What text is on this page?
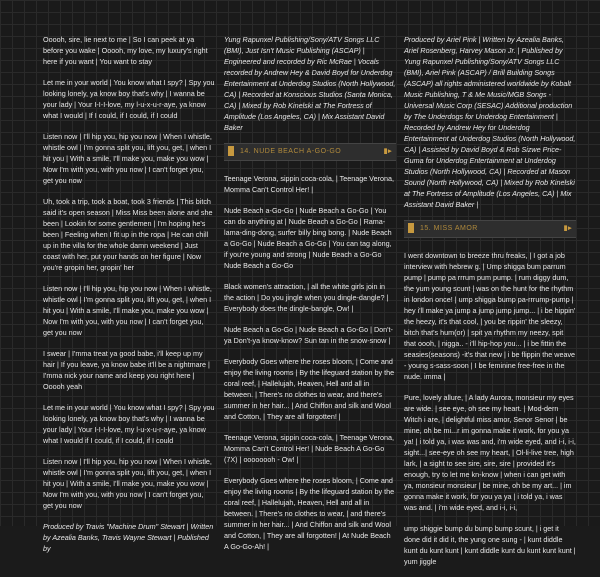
Ooooh, sire, lie next to me | So I can peek at ya before you wake | Ooooh, my love, my luxury's right here if you want | You want to stay

Let me in your world | You know what I spy? | Spy you looking lonely, ya know boy that's why | I wanna be your lady | Your I-I-I-love, my l-u-x-u-r-aye, ya know what I would | If I could, if I could, if I could

Listen now | I'll hip you, hip you now | When I whistle, whistle owl | I'm gonna split you, lift you, get, | when I hit you | With a smile, I'll make you, make you wow | Now I'm with you, with you now | I can't forget you, get you now

Uh, took a trip, took a boat, took 3 friends | This bitch said it's open season | Miss Miss been alone and she been | Lookin for some gentlemen | I'm hoping he's been | Feeling when I fit up in the ropa | He can chill up in the villa for the whole damn weekend | Just coast with her, put your hands on her figure | Now you're gropin her, gropin' her

Listen now | I'll hip you, hip you now | When I whistle, whistle owl | I'm gonna split you, lift you, get, | when I hit you | With a smile, I'll make you, make you wow | Now I'm with you, with you now | I can't forget you, get you now

I swear | I'mma treat ya good babe, i'll keep up my hair | If you leave, ya know babe it'll be a nightmare | I'mma nick your name and keep you right here | Ooooh yeah

Let me in your world | You know what I spy? | Spy you looking lonely, ya know boy that's why | I wanna be your lady | Your I-I-I-love, my l-u-x-u-r-aye, ya know what I would if I could, if I could, if I could

Listen now | I'll hip you, hip you now | When I whistle, whistle owl | I'm gonna split you, lift you, get, | when I hit you | With a smile, I'll make you, make you wow | Now I'm with you, with you now | I can't forget you, get you now

Produced by Travis "Machine Drum" Stewart | Written by Azealia Banks, Travis Wayne Stewart | Published by

Yung Rapunxel Publishing/Sony/ATV Songs LLC (BMI), Just Isn't Music Publishing (ASCAP) | Engineered and recorded by Ric McRae | Vocals recorded by Andrew Hey & David Boyd for Underdog Entertainment at Underdog Studios (North Hollywood, CA) | Recorded at Konscious Studios (Santa Monica, CA) | Mixed by Rob Kinelski at The Fortress of Amplitude (Los Angeles, CA) | Mix Assistant David Baker

14. NUDE BEACH A-GO-GO	▮▸

Teenage Verona, sippin coca-cola, | Teenage Verona, Momma Can't Control Her! |

Nude Beach a-Go-Go | Nude Beach a Go-Go | You can do anything at | Nude Beach a Go-Go | Rama-lama-ding-dong, surfer billy bing bong. | Nude Beach a Go-Go | Nude Beach a Go-Go | You can tag along, if you're young and strong | Nude Beach a Go-Go Nude Beach a Go-Go

Black women's attraction, | all the white girls join in the action | Do you jingle when you dingle-dangle? | Everybody does the dingle-bangle, Ow! |

Nude Beach a Go-Go | Nude Beach a Go-Go | Don't-ya Don't-ya know-know? Sun tan in the snow-snow |

Everybody Goes where the roses bloom, | Come and enjoy the living rooms | By the lifeguard station by the coral reef, | Hallelujah, Heaven, Hell and all in between. | There's no clothes to wear, and there's summer in her hair... | And Chiffon and silk and Wool and Cotton, | They are all forgotten! |

Teenage Verona, sippin coca-cola, | Teenage Verona, Momma Can't Control Her! | Nude Beach A Go-Go (7X) | oooooooh - Ow! |

Everybody Goes where the roses bloom, | Come and enjoy the living rooms | By the lifeguard station by the coral reef, | Hallelujah, Heaven, Hell and all in between. | There's no clothes to wear, | and there's summer in her hair... | And Chiffon and silk and Wool and Cotton, | They are all forgotten! | At Nude Beach A Go-Go-Ah! |

Produced by Ariel Pink | Written by Azealia Banks, Ariel Rosenberg, Harvey Mason Jr. | Published by Yung Rapunxel Publishing/Sony/ATV Songs LLC (BMI), Ariel Pink (ASCAP) / Brill Building Songs (ASCAP) all rights administered worldwide by Kobalt Music Publishing, T & Me Music/MGB Songs - Universal Music Corp (SESAC) Additional production by The Underdogs for Underdog Entertainment | Recorded by Andrew Hey for Underdog Entertainment at Underdog Studios (North Hollywood, CA) | Assisted by David Boyd & Rob Sizwe Price-Guma for Underdog Entertainment at Underdog Studios (North Hollywood, CA) | Recorded at Mason Sound (North Hollywood, CA) | Mixed by Rob Kinelski at The Fortress of Amplitude (Los Angeles, CA) | Mix Assistant David Baker |

15. MISS AMOR	▮▸

I went downtown to breeze thru freaks, | I got a job interview with hebrew g. | Ump shigga bum parrum pump | pump pa rrrum pum pump. | rum diggy dum, the yum young scunt | was on the hunt for the rhythm in london once! | ump shigga bump pa-rrrump-pump | hey i'll make ya jump a jump jump jump... | i be hippin' the heezy, it's that cool, | you be rippin' the sleezy, bitch that's hum(or) | spit ya rhythm my neezy, spit that oooh, | nigga.. - i'll hip-hop you... | i be fittin the seasies(seasons) -it's that new | i be flippin the weave - young s-sass-soon | I be feminine free-free in the nude. imma |

Pure, lovely allure, | A lady Aurora, monsieur my eyes are wide. | see eye, oh see my heart. | Mod-dern Witch i are, | delightful miss amor, Senor Senor | be mine, oh be mi...r im gonna make it work, for you ya ya! | i told ya, i was was and, i'm wide eyed, and i-i, i-i, sight...| see-eye oh see my heart, | Ol-li-live tree, high lark, | a sight to see sire, sire, sire | provided it's enough, try to let me kn-know | when i can get with ya, monsieur monsieur | be mine, oh be my art... | im gonna make it work, for you ya ya | i told ya, i was was and. | i'm wide eyed, and i-i, i-i,

ump shiggie bump du bump bump scunt, | i get it done did it did it, the yung one sung - | kunt diddle kunt du kunt kunt | kunt diddle kunt du kunt kunt kunt | yum jiggle
